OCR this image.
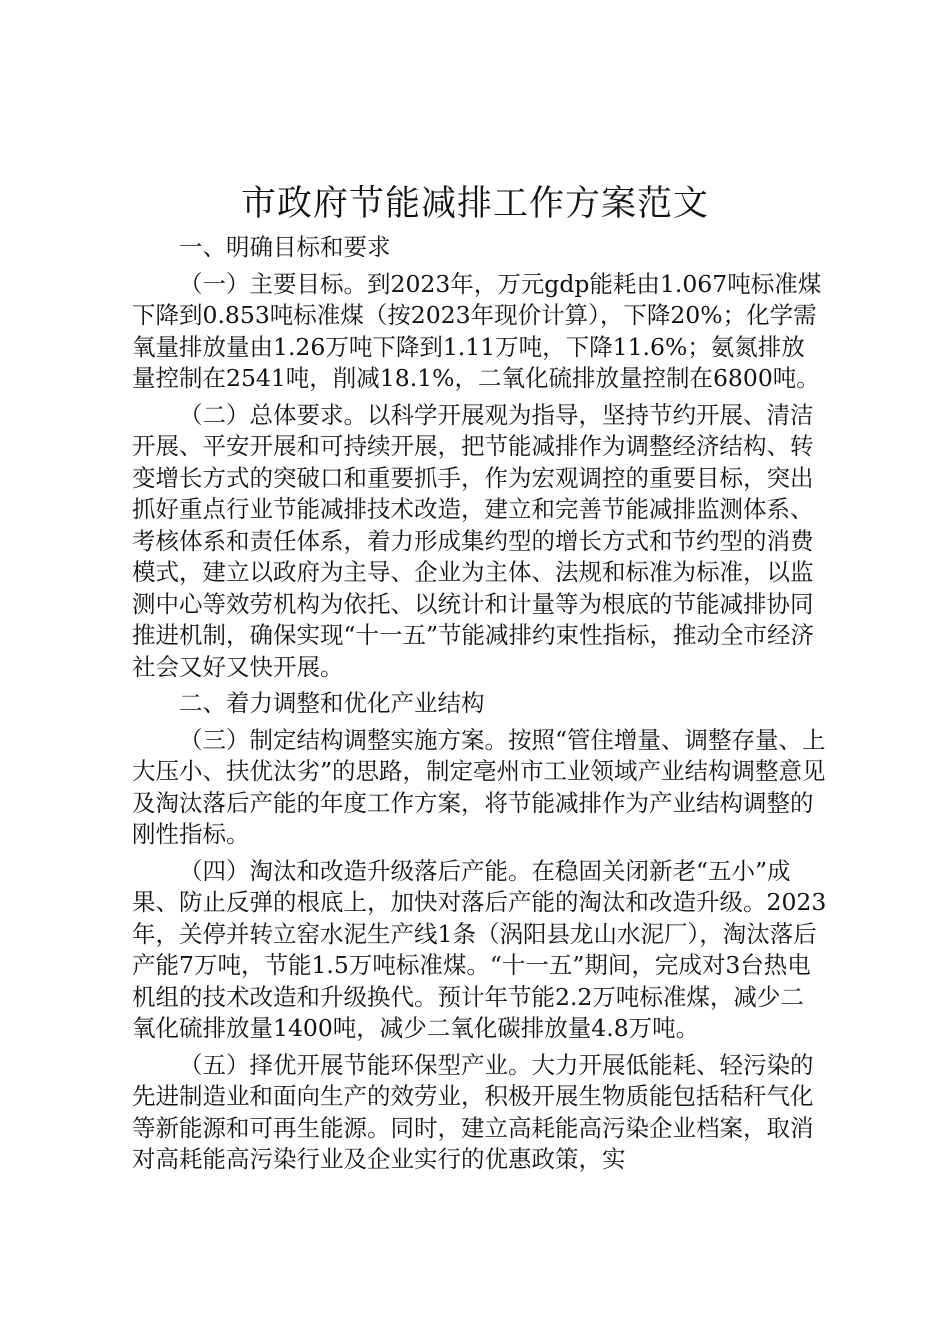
市政府节能减排工作方案范文

一、明确目标和要求

（一）主要目标。到2023年，万元gdp能耗由1.067吨标准煤下降到0.853吨标准煤（按2023年现价计算），下降20%；化学需氧量排放量由1.26万吨下降到1.11万吨，下降11.6%；氨氮排放量控制在2541吨，削减18.1%，二氧化硫排放量控制在6800吨。

（二）总体要求。以科学开展观为指导，坚持节约开展、清洁开展、平安开展和可持续开展，把节能减排作为调整经济结构、转变增长方式的突破口和重要抓手，作为宏观调控的重要目标，突出抓好重点行业节能减排技术改造，建立和完善节能减排监测体系、考核体系和责任体系，着力形成集约型的增长方式和节约型的消费模式，建立以政府为主导、企业为主体、法规和标准为标准，以监测中心等效劳机构为依托、以统计和计量等为根底的节能减排协同推进机制，确保实现“十一五”节能减排约束性指标，推动全市经济社会又好又快开展。

二、着力调整和优化产业结构

（三）制定结构调整实施方案。按照“管住增量、调整存量、上大压小、扶优汰劣”的思路，制定亳州市工业领域产业结构调整意见及淘汰落后产能的年度工作方案，将节能减排作为产业结构调整的刚性指标。

（四）淘汰和改造升级落后产能。在稳固关闭新老“五小”成果、防止反弹的根底上，加快对落后产能的淘汰和改造升级。2023年，关停并转立窑水泥生产线1条（涡阳县龙山水泥厂），淘汰落后产能7万吨，节能1.5万吨标准煤。“十一五”期间，完成对3台热电机组的技术改造和升级换代。预计年节能2.2万吨标准煤，减少二氧化硫排放量1400吨，减少二氧化碳排放量4.8万吨。

（五）择优开展节能环保型产业。大力开展低能耗、轻污染的先进制造业和面向生产的效劳业，积极开展生物质能包括秸秆气化等新能源和可再生能源。同时，建立高耗能高污染企业档案，取消对高耗能高污染行业及企业实行的优惠政策，实
